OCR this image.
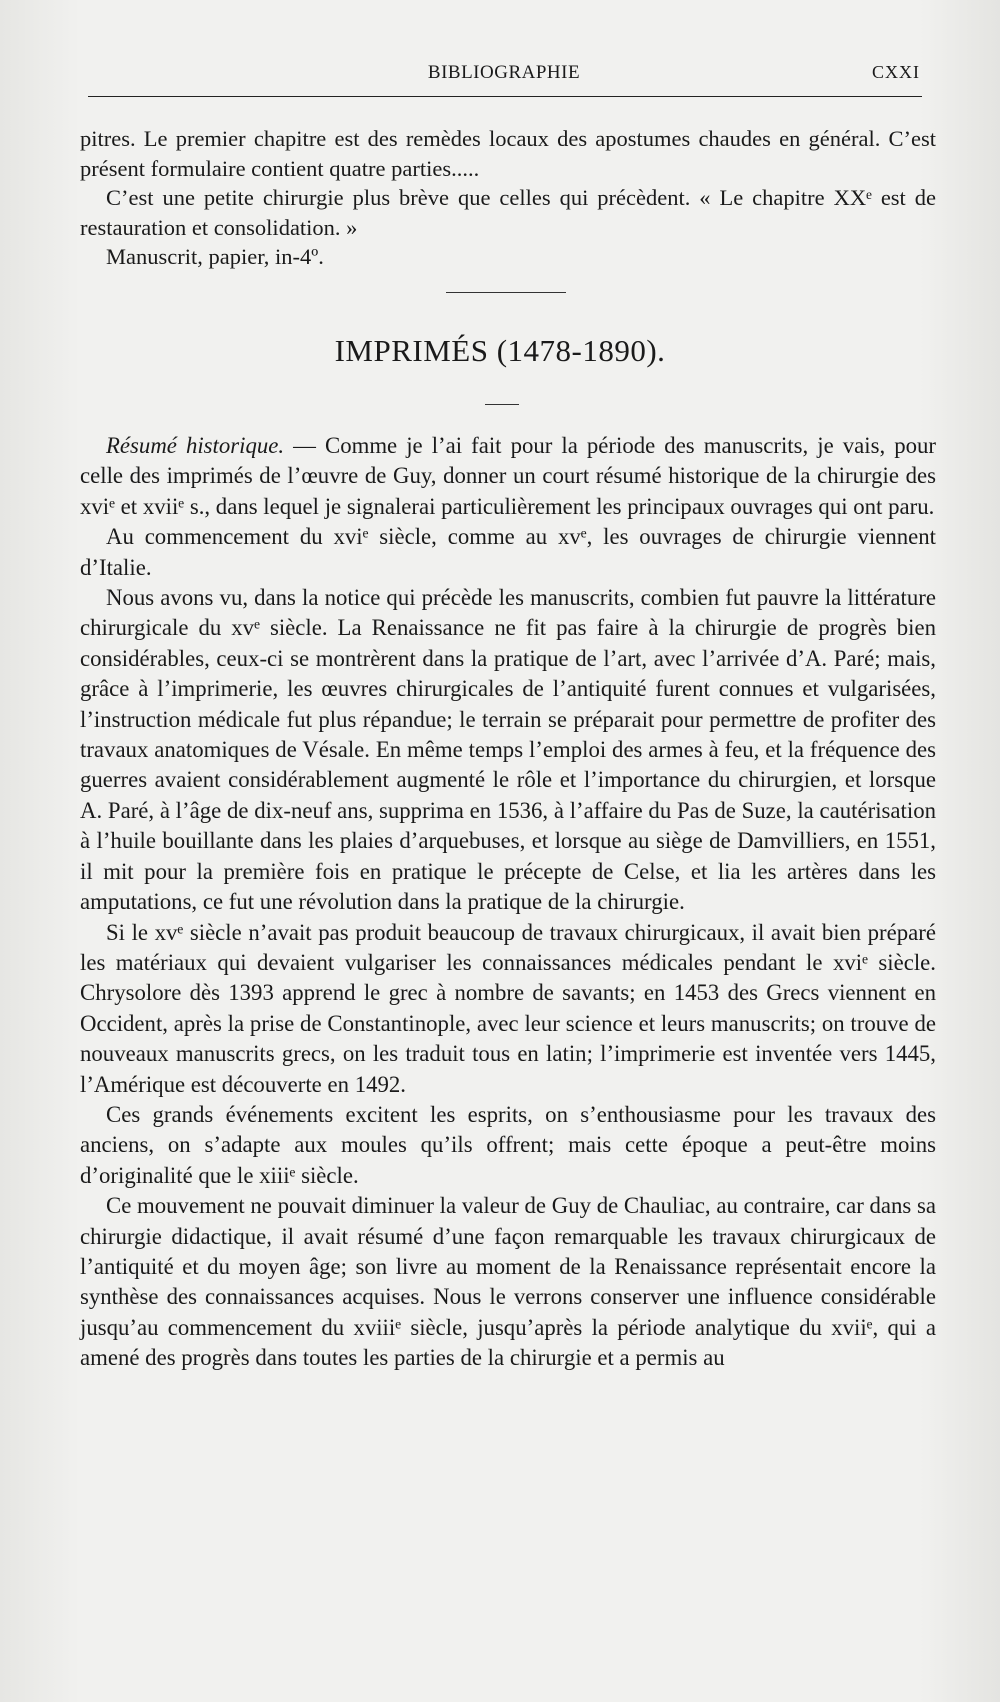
BIBLIOGRAPHIE	CXXI

pitres. Le premier chapitre est des remèdes locaux des apostumes chaudes en général. C’est présent formulaire contient quatre parties.....

C’est une petite chirurgie plus brève que celles qui précèdent. « Le chapitre XXᵉ est de restauration et consolidation. »

Manuscrit, papier, in-4º.

IMPRIMÉS (1478-1890).

Résumé historique. — Comme je l’ai fait pour la période des manuscrits, je vais, pour celle des imprimés de l’œuvre de Guy, donner un court résumé historique de la chirurgie des xviᵉ et xviiᵉ s., dans lequel je signalerai particulièrement les principaux ouvrages qui ont paru.

Au commencement du xviᵉ siècle, comme au xvᵉ, les ouvrages de chirurgie viennent d’Italie.

Nous avons vu, dans la notice qui précède les manuscrits, combien fut pauvre la littérature chirurgicale du xvᵉ siècle. La Renaissance ne fit pas faire à la chirurgie de progrès bien considérables, ceux-ci se montrèrent dans la pratique de l’art, avec l’arrivée d’A. Paré; mais, grâce à l’imprimerie, les œuvres chirurgicales de l’antiquité furent connues et vulgarisées, l’instruction médicale fut plus répandue; le terrain se préparait pour permettre de profiter des travaux anatomiques de Vésale. En même temps l’emploi des armes à feu, et la fréquence des guerres avaient considérablement augmenté le rôle et l’importance du chirurgien, et lorsque A. Paré, à l’âge de dix-neuf ans, supprima en 1536, à l’affaire du Pas de Suze, la cautérisation à l’huile bouillante dans les plaies d’arquebuses, et lorsque au siège de Damvilliers, en 1551, il mit pour la première fois en pratique le précepte de Celse, et lia les artères dans les amputations, ce fut une révolution dans la pratique de la chirurgie.

Si le xvᵉ siècle n’avait pas produit beaucoup de travaux chirurgicaux, il avait bien préparé les matériaux qui devaient vulgariser les connaissances médicales pendant le xviᵉ siècle. Chrysolore dès 1393 apprend le grec à nombre de savants; en 1453 des Grecs viennent en Occident, après la prise de Constantinople, avec leur science et leurs manuscrits; on trouve de nouveaux manuscrits grecs, on les traduit tous en latin; l’imprimerie est inventée vers 1445, l’Amérique est découverte en 1492.

Ces grands événements excitent les esprits, on s’enthousiasme pour les travaux des anciens, on s’adapte aux moules qu’ils offrent; mais cette époque a peut-être moins d’originalité que le xiiiᵉ siècle.

Ce mouvement ne pouvait diminuer la valeur de Guy de Chauliac, au contraire, car dans sa chirurgie didactique, il avait résumé d’une façon remarquable les travaux chirurgicaux de l’antiquité et du moyen âge; son livre au moment de la Renaissance représentait encore la synthèse des connaissances acquises. Nous le verrons conserver une influence considérable jusqu’au commencement du xviiiᵉ siècle, jusqu’après la période analytique du xviiᵉ, qui a amené des progrès dans toutes les parties de la chirurgie et a permis au
